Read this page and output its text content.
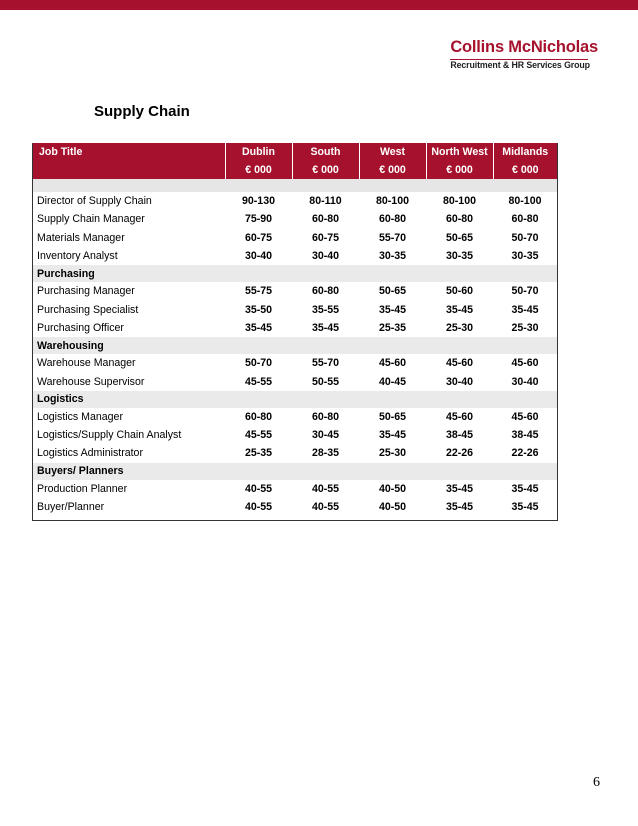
Collins McNicholas
Recruitment & HR Services Group
Supply Chain
Job Title	Dublin	South	West	North West	Midlands
	€ 000	€ 000	€ 000	€ 000	€ 000

Director of Supply Chain	90-130	80-110	80-100	80-100	80-100
Supply Chain Manager	75-90	60-80	60-80	60-80	60-80
Materials Manager	60-75	60-75	55-70	50-65	50-70
Inventory Analyst	30-40	30-40	30-35	30-35	30-35
Purchasing					
Purchasing Manager	55-75	60-80	50-65	50-60	50-70
Purchasing Specialist	35-50	35-55	35-45	35-45	35-45
Purchasing Officer	35-45	35-45	25-35	25-30	25-30
Warehousing					
Warehouse Manager	50-70	55-70	45-60	45-60	45-60
Warehouse Supervisor	45-55	50-55	40-45	30-40	30-40
Logistics					
Logistics Manager	60-80	60-80	50-65	45-60	45-60
Logistics/Supply Chain Analyst	45-55	30-45	35-45	38-45	38-45
Logistics Administrator	25-35	28-35	25-30	22-26	22-26
Buyers/ Planners					
Production Planner	40-55	40-55	40-50	35-45	35-45
Buyer/Planner	40-55	40-55	40-50	35-45	35-45

6
